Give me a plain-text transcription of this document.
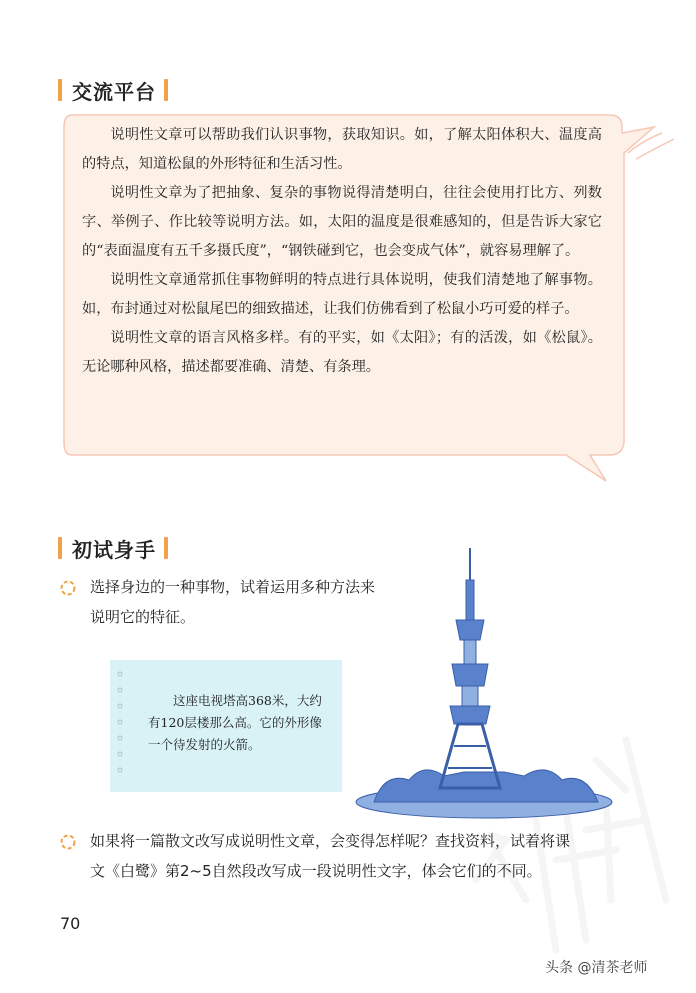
交流平台

说明性文章可以帮助我们认识事物，获取知识。如，了解太阳体积大、温度高的特点，知道松鼠的外形特征和生活习性。

说明性文章为了把抽象、复杂的事物说得清楚明白，往往会使用打比方、列数字、举例子、作比较等说明方法。如，太阳的温度是很难感知的，但是告诉大家它的“表面温度有五千多摄氏度”，“钢铁碰到它，也会变成气体”，就容易理解了。

说明性文章通常抓住事物鲜明的特点进行具体说明，使我们清楚地了解事物。如，布封通过对松鼠尾巴的细致描述，让我们仿佛看到了松鼠小巧可爱的样子。

说明性文章的语言风格多样。有的平实，如《太阳》；有的活泼，如《松鼠》。无论哪种风格，描述都要准确、清楚、有条理。

初试身手
选择身边的一种事物，试着运用多种方法来
说明它的特征。
这座电视塔高368米，大约有120层楼那么高。它的外形像一个待发射的火箭。
如果将一篇散文改写成说明性文章，会变得怎样呢？查找资料，试着将课
文《白鹭》第2~5自然段改写成一段说明性文字，体会它们的不同。
70
头条 @清茶老师
